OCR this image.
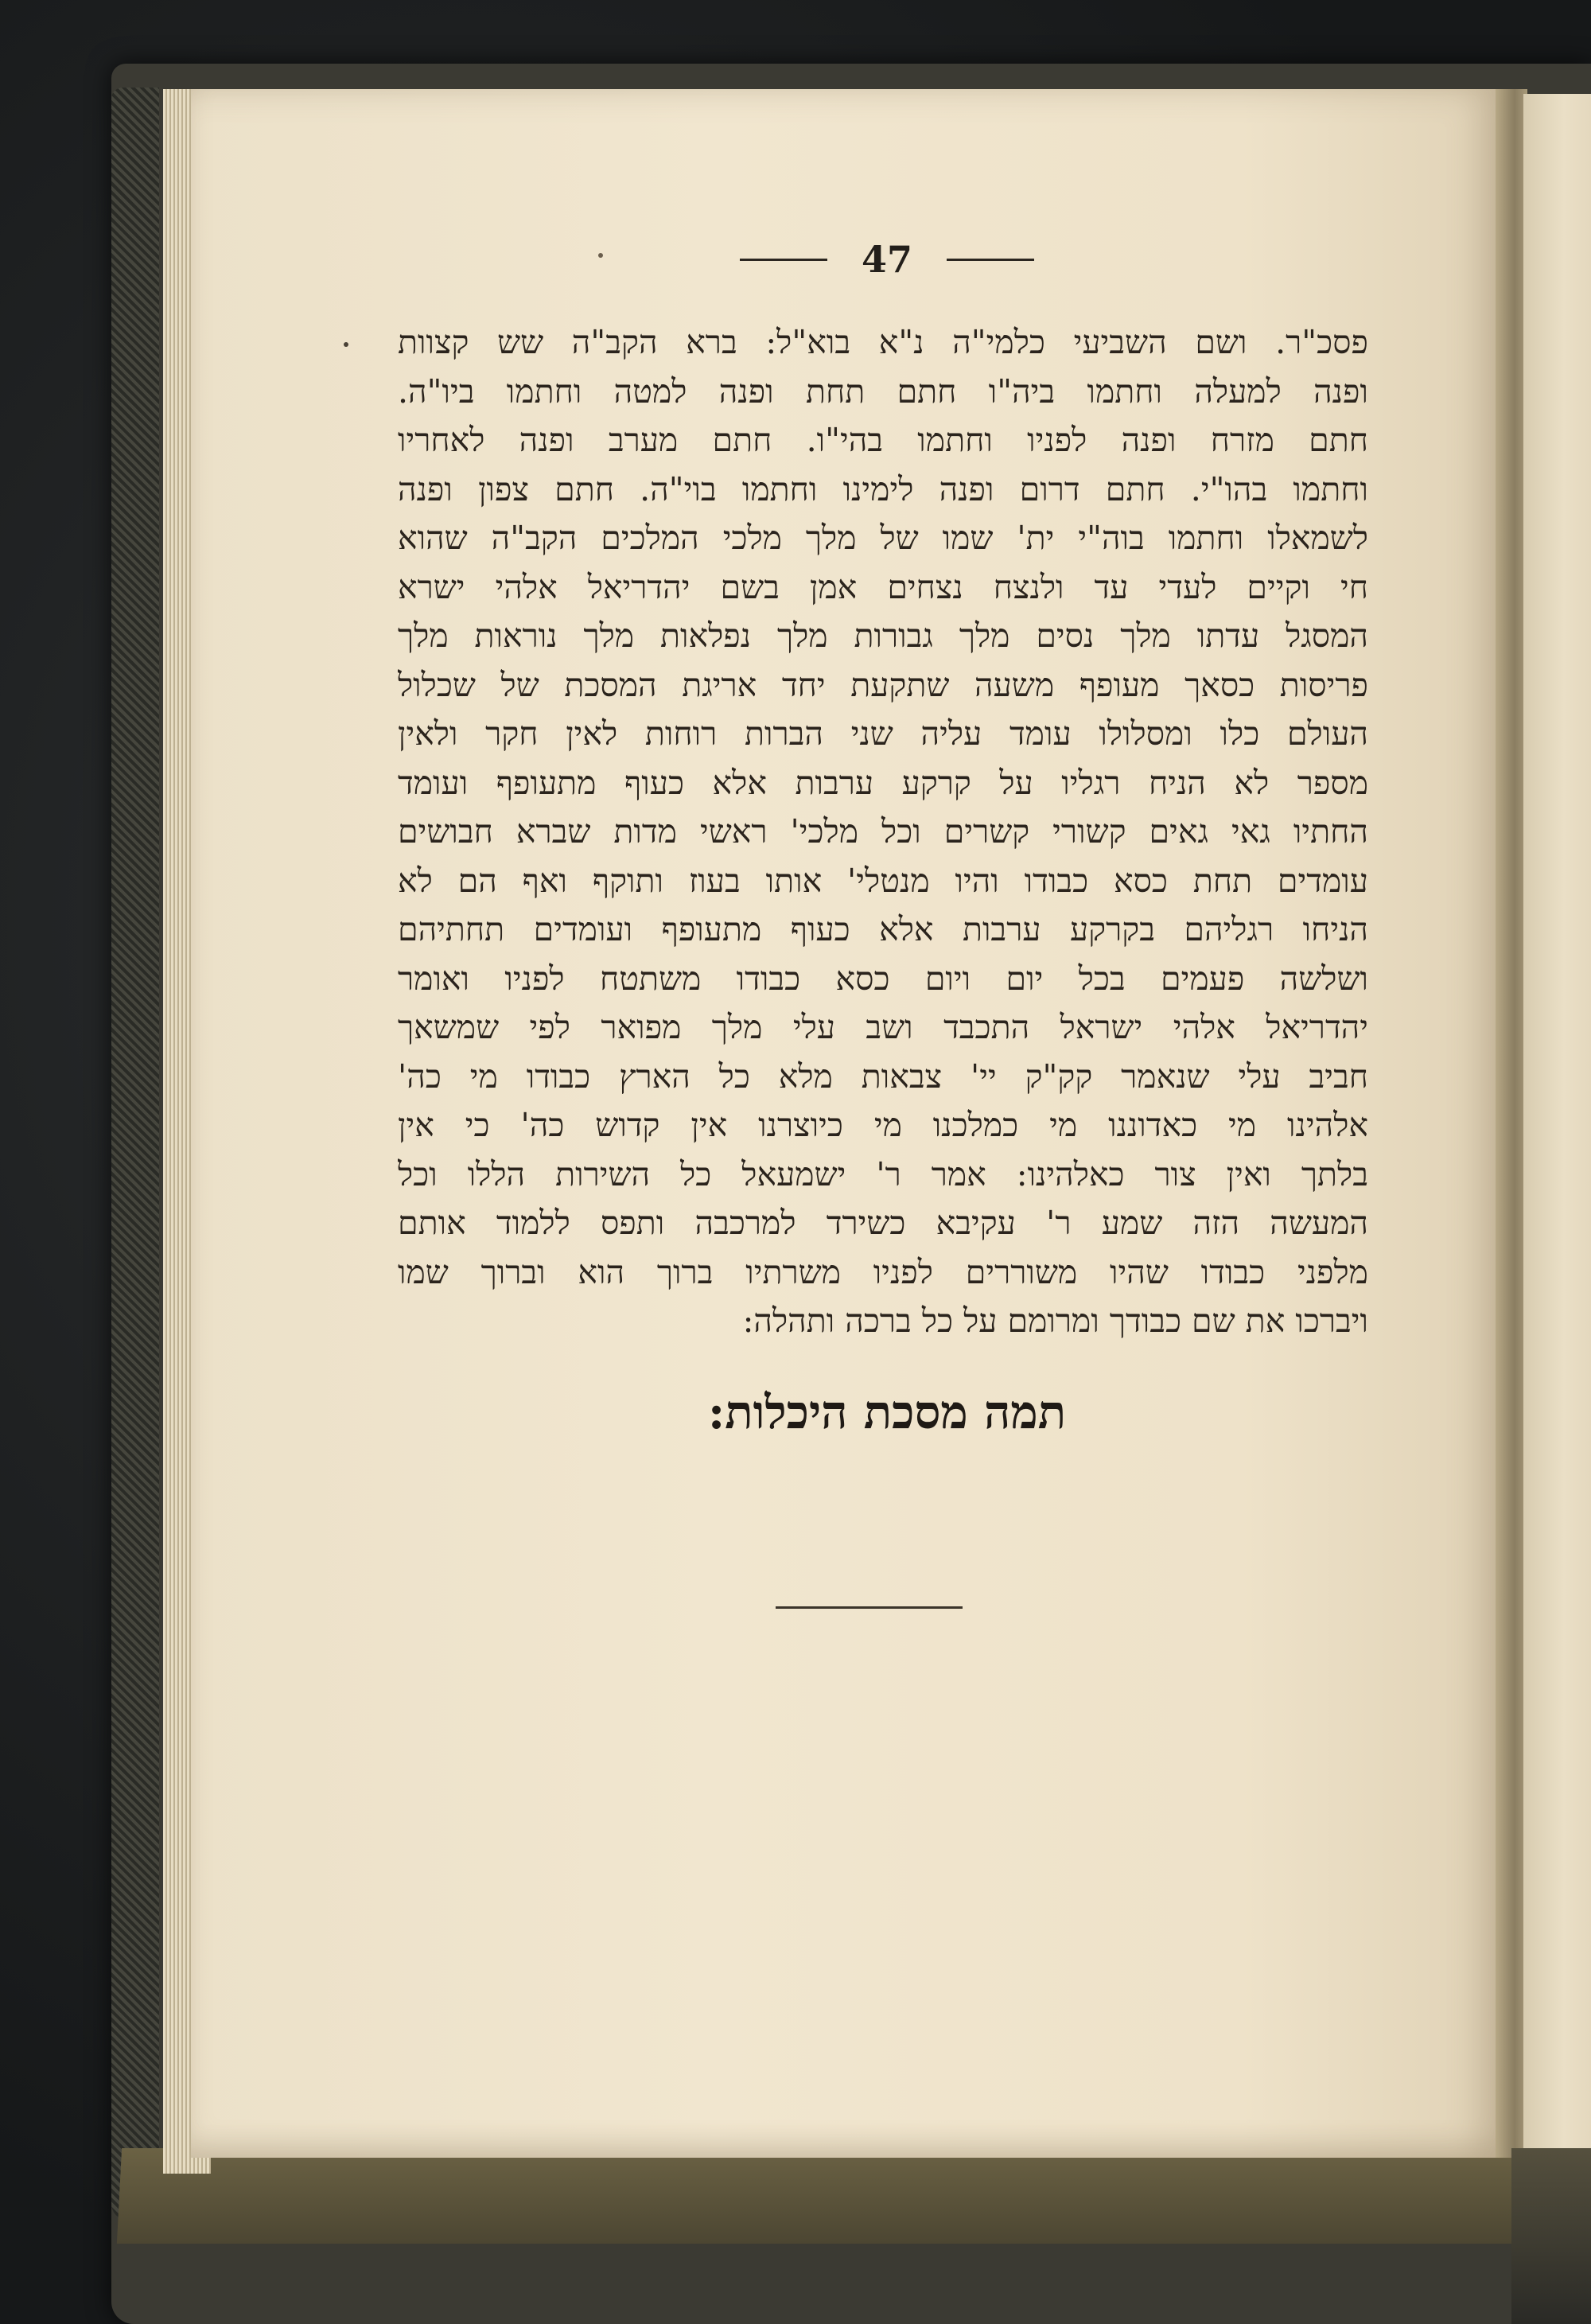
47
פסכ"ר. ושם השביעי כלמי"ה נ"א בוא"ל: ברא הקב"ה שש קצוות
ופנה למעלה וחתמו ביה"ו חתם תחת ופנה למטה וחתמו ביו"ה.
חתם מזרח ופנה לפניו וחתמו בהי"ו. חתם מערב ופנה לאחריו
וחתמו בהו"י. חתם דרום ופנה לימינו וחתמו בוי"ה. חתם צפון ופנה
לשמאלו וחתמו בוה"י ית' שמו של מלך מלכי המלכים הקב"ה שהוא
חי וקיים לעדי עד ולנצח נצחים אמן בשם יהדריאל אלהי ישרא
המסגל עדתו מלך נסים מלך גבורות מלך נפלאות מלך נוראות מלך
פריסות כסאך מעופף משעה שתקעת יחד אריגת המסכת של שכלול
העולם כלו ומסלולו עומד עליה שני הברות רוחות לאין חקר ולאין
מספר לא הניח רגליו על קרקע ערבות אלא כעוף מתעופף ועומד
החתיו גאי גאים קשורי קשרים וכל מלכי' ראשי מדות שברא חבושים
עומדים תחת כסא כבודו והיו מנטלי' אותו בעוז ותוקף ואף הם לא
הניחו רגליהם בקרקע ערבות אלא כעוף מתעופף ועומדים תחתיהם
ושלשה פעמים בכל יום ויום כסא כבודו משתטח לפניו ואומר
יהדריאל אלהי ישראל התכבד ושב עלי מלך מפואר לפי שמשאך
חביב עלי שנאמר קק"ק יי' צבאות מלא כל הארץ כבודו מי כה'
אלהינו מי כאדוננו מי כמלכנו מי כיוצרנו אין קדוש כה' כי אין
בלתך ואין צור כאלהינו: אמר ר' ישמעאל כל השירות הללו וכל
המעשה הזה שמע ר' עקיבא כשירד למרכבה ותפס ללמוד אותם
מלפני כבודו שהיו משוררים לפניו משרתיו ברוך הוא וברוך שמו
ויברכו את שם כבודך ומרומם על כל ברכה ותהלה:
תמה מסכת היכלות:
